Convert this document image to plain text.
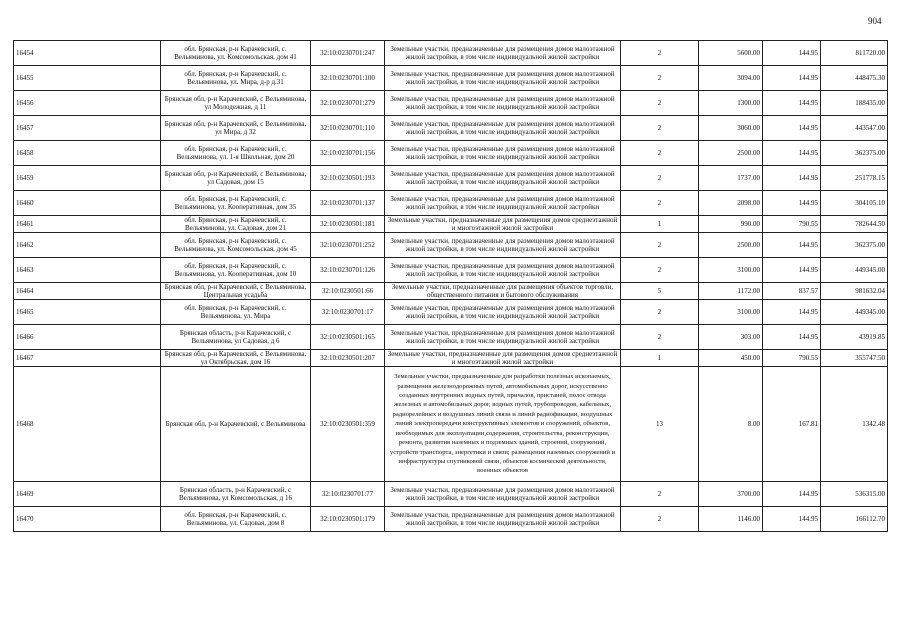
904
16454	обл. Брянская, р-н Карачевский, с. Вельяминова, ул. Комсомольская, дом 41	32:10:0230701:247	Земельные участки, предназначенные для размещения домов малоэтажной жилой застройки, в том числе индивидуальной жилой застройки	2	5600.00	144.95	811720.00
16455	обл. Брянская, р-н Карачевский, с. Вельяминова, ул. Мира, д-р д.31	32:10:0230701:100	Земельные участки, предназначенные для размещения домов малоэтажной жилой застройки, в том числе индивидуальной жилой застройки	2	3094.00	144.95	448475.30
16456	Брянская обл, р-н Карачевский, с Вельяминова, ул Молодежная, д 11	32:10:0230701:279	Земельные участки, предназначенные для размещения домов малоэтажной жилой застройки, в том числе индивидуальной жилой застройки	2	1300.00	144.95	188435.00
16457	Брянская обл, р-н Карачевский, с Вельяминова, ул Мира, д 32	32:10:0230701:110	Земельные участки, предназначенные для размещения домов малоэтажной жилой застройки, в том числе индивидуальной жилой застройки	2	3060.00	144.95	443547.00
16458	обл. Брянская, р-н Карачевский, с. Вельяминова, ул. 1-я Школьная, дом 20	32:10:0230701:156	Земельные участки, предназначенные для размещения домов малоэтажной жилой застройки, в том числе индивидуальной жилой застройки	2	2500.00	144.95	362375.00
16459	Брянская обл, р-н Карачевский, с Вельяминова, ул Садовая, дом 15	32:10:0230501:193	Земельные участки, предназначенные для размещения домов малоэтажной жилой застройки, в том числе индивидуальной жилой застройки	2	1737.00	144.95	251778.15
16460	обл. Брянская, р-н Карачевский, с. Вельяминова, ул. Кооперативная, дом 35	32:10:0230701:137	Земельные участки, предназначенные для размещения домов малоэтажной жилой застройки, в том числе индивидуальной жилой застройки	2	2098.00	144.95	304105.10
16461	обл. Брянская, р-н Карачевский, с. Вельяминова, ул. Садовая, дом 21	32:10:0230501:181	Земельные участки, предназначенные для размещения домов среднеэтажной и многоэтажной жилой застройки	1	990.00	790.55	782644.50
16462	обл. Брянская, р-н Карачевский, с. Вельяминова, ул. Комсомольская, дом 45	32:10:0230701:252	Земельные участки, предназначенные для размещения домов малоэтажной жилой застройки, в том числе индивидуальной жилой застройки	2	2500.00	144.95	362375.00
16463	обл. Брянская, р-н Карачевский, с. Вельяминова, ул. Кооперативная, дом 10	32:10:0230701:126	Земельные участки, предназначенные для размещения домов малоэтажной жилой застройки, в том числе индивидуальной жилой застройки	2	3100.00	144.95	449345.00
16464	Брянская обл, р-н Карачевский, с Вельяминова, Центральная усадьба	32:10:0230501:66	Земельные участки, предназначенные для размещения объектов торговли, общественного питания и бытового обслуживания	5	1172.00	837.57	981632.04
16465	обл. Брянская, р-н Карачевский, с. Вельяминова, ул. Мира	32:10:0230701:17	Земельные участки, предназначенные для размещения домов малоэтажной жилой застройки, в том числе индивидуальной жилой застройки	2	3100.00	144.95	449345.00
16466	Брянская область, р-н Карачевский, с Вельяминова, ул Садовая, д 6	32:10:0230501:165	Земельные участки, предназначенные для размещения домов малоэтажной жилой застройки, в том числе индивидуальной жилой застройки	2	303.00	144.95	43919.85
16467	Брянская обл, р-н Карачевский, с Вельяминова, ул Октябрьская, дом 16	32:10:0230501:207	Земельные участки, предназначенные для размещения домов среднеэтажной и многоэтажной жилой застройки	1	450.00	790.55	355747.50
16468	Брянская обл, р-н Карачевский, с Вельяминова	32:10:0230501:359	Земельные участки, предназначенные для разработки полезных ископаемых, размещения железнодорожных путей, автомобильных дорог, искусственно созданных внутренних водных путей, причалов, пристаней, полос отвода железных и автомобильных дорог, водных путей, трубопроводов, кабельных, радиорелейных и воздушных линий связи и линий радиофикации, воздушных линий электропередачи конструктивных элементов и сооружений, объектов, необходимых для эксплуатации,содержания, строительства, реконструкции, ремонта, развития наземных и подземных зданий, строений, сооружений, устройств транспорта, энергетики и связи; размещения наземных сооружений и инфраструктуры спутниковой связи, объектов космической деятельности, военных объектов	13	8.00	167.81	1342.48
16469	Брянская область, р-н Карачевский, с Вельяминова, ул Комсомольская, д 16	32:10:0230701:77	Земельные участки, предназначенные для размещения домов малоэтажной жилой застройки, в том числе индивидуальной жилой застройки	2	3700.00	144.95	536315.00
16470	обл. Брянская, р-н Карачевский, с. Вельяминова, ул. Садовая, дом 8	32:10:0230501:179	Земельные участки, предназначенные для размещения домов малоэтажной жилой застройки, в том числе индивидуальной жилой застройки	2	1146.00	144.95	166112.70
